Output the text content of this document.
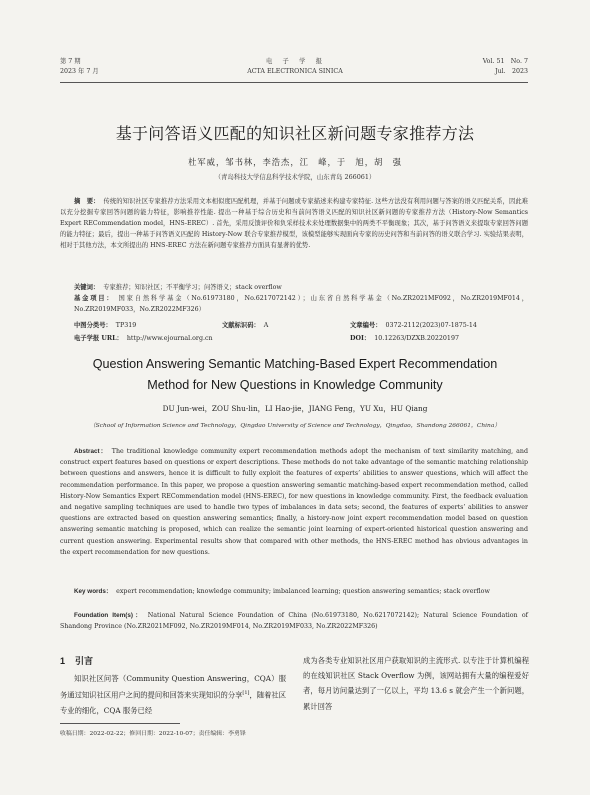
第 7 期
2023 年 7 月
电　子　学　报
ACTA ELECTRONICA SINICA
Vol. 51　No. 7
Jul.　2023
基于问答语义匹配的知识社区新问题专家推荐方法
杜军威，邹书林，李浩杰，江　峰，于　旭，胡　强
（青岛科技大学信息科学技术学院，山东青岛 266061）
摘　要： 传统的知识社区专家推荐方法采用文本相似度匹配机理，并基于问题或专家描述来构建专家特征. 这些方法没有利用问题与答案的语义匹配关系，因此难以充分挖掘专家回答问题的能力特征，影响推荐性能. 提出一种基于综合历史和当前问答语义匹配的知识社区新问题的专家推荐方法（History-Now Semantics Expert RECommendation model，HNS-EREC）. 首先，采用反馈评价和负采样技术来处理数据集中的两类不平衡现象；其次，基于问答语义来提取专家回答问题的能力特征；最后，提出一种基于问答语义匹配的 History-Now 联合专家推荐模型，该模型能够实现面向专家的历史问答和当前问答的语义联合学习. 实验结果表明，相对于其他方法，本文所提出的 HNS-EREC 方法在新问题专家推荐方面具有显著的优势.
关键词： 专家推荐；知识社区；不平衡学习；问答语义；stack overflow
基金项目： 国家自然科学基金（No.61973180，No.6217072142）；山东省自然科学基金（No.ZR2021MF092，No.ZR2019MF014，No.ZR2019MF033，No.ZR2022MF326）
中图分类号： TP319	文献标识码： A	文章编号： 0372-2112(2023)07-1875-14
电子学报 URL： http://www.ejournal.org.cn	DOI： 10.12263/DZXB.20220197
Question Answering Semantic Matching-Based Expert Recommendation
Method for New Questions in Knowledge Community
DU Jun-wei，ZOU Shu-lin，LI Hao-jie，JIANG Feng，YU Xu，HU Qiang
（School of Information Science and Technology，Qingdao University of Science and Technology，Qingdao，Shandong 266061，China）
Abstract： The traditional knowledge community expert recommendation methods adopt the mechanism of text similarity matching, and construct expert features based on questions or expert descriptions. These methods do not take advantage of the semantic matching relationship between questions and answers, hence it is difficult to fully exploit the features of experts’ abilities to answer questions, which will affect the recommendation performance. In this paper, we propose a question answering semantic matching-based expert recommendation method, called History-Now Semantics Expert RECommendation model (HNS-EREC), for new questions in knowledge community. First, the feedback evaluation and negative sampling techniques are used to handle two types of imbalances in data sets; second, the features of experts’ abilities to answer questions are extracted based on question answering semantics; finally, a history-now joint expert recommendation model based on question answering semantic matching is proposed, which can realize the semantic joint learning of expert-oriented historical question answering and current question answering. Experimental results show that compared with other methods, the HNS-EREC method has obvious advantages in the expert recommendation for new questions.
Key words： expert recommendation; knowledge community; imbalanced learning; question answering semantics; stack overflow
Foundation Item(s)： National Natural Science Foundation of China (No.61973180, No.6217072142); Natural Science Foundation of Shandong Province (No.ZR2021MF092, No.ZR2019MF014, No.ZR2019MF033, No.ZR2022MF326)
1 引言
知识社区问答（Community Question Answering，CQA）服务通过知识社区用户之间的提问和回答来实现知识的分享[1]，随着社区专业的细化，CQA 服务已经
成为各类专业知识社区用户获取知识的主流形式. 以专注于计算机编程的在线知识社区 Stack Overflow 为例，该网站拥有大量的编程爱好者，每月访问量达到了一亿以上，平均 13.6 s 就会产生一个新问题，累计回答
收稿日期：2022-02-22；修回日期：2022-10-07；责任编辑：李勇锋
